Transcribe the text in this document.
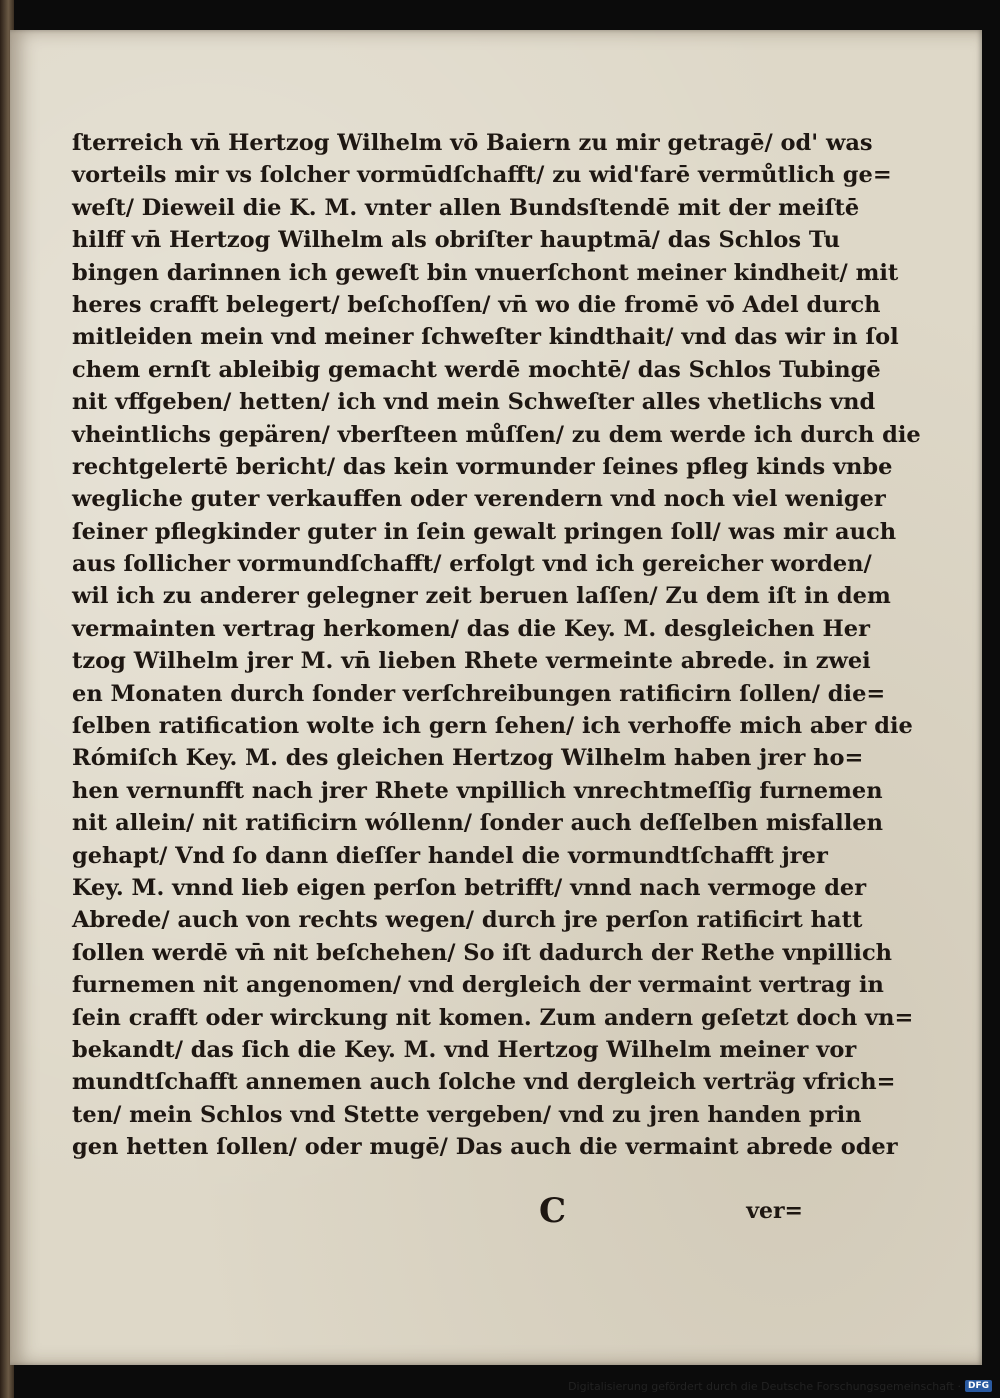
ſterreich vn̄ Hertzog Wilhelm vō Baiern zu mir getragē/ od' was
vorteils mir vs ſolcher vormūdſchafft/ zu wid'farē vermůtlich ge=
weſt/ Dieweil die K. M. vnter allen Bundsſtendē mit der meiſtē
hilff vn̄ Hertzog Wilhelm als obriſter hauptmā/ das Schlos Tu
bingen darinnen ich geweſt bin vnuerſchont meiner kindheit/ mit
heres crafft belegert/ beſchoſſen/ vn̄ wo die fromē vō Adel durch
mitleiden mein vnd meiner ſchweſter kindthait/ vnd das wir in ſol
chem ernſt ableibig gemacht werdē mochtē/ das Schlos Tubingē
nit vffgeben/ hetten/ ich vnd mein Schweſter alles vhetlichs vnd
vheintlichs gepären/ vberſteen můſſen/ zu dem werde ich durch die
rechtgelertē bericht/ das kein vormunder ſeines pfleg kinds vnbe
wegliche guter verkauffen oder verendern vnd noch viel weniger
ſeiner pflegkinder guter in ſein gewalt pringen ſoll/ was mir auch
aus ſollicher vormundſchafft/ erfolgt vnd ich gereicher worden/
wil ich zu anderer gelegner zeit beruen laſſen/ Zu dem iſt in dem
vermainten vertrag herkomen/ das die Key. M. desgleichen Her
tzog Wilhelm jrer M. vn̄ lieben Rhete vermeinte abrede. in zwei
en Monaten durch ſonder verſchreibungen ratificirn ſollen/ die=
ſelben ratification wolte ich gern ſehen/ ich verhoffe mich aber die
Rómiſch Key. M. des gleichen Hertzog Wilhelm haben jrer ho=
hen vernunfft nach jrer Rhete vnpillich vnrechtmeſſig furnemen
nit allein/ nit ratificirn wóllenn/ ſonder auch deſſelben misfallen
gehapt/ Vnd ſo dann dieſſer handel die vormundtſchafft jrer
Key. M. vnnd lieb eigen perſon betrifft/ vnnd nach vermoge der
Abrede/ auch von rechts wegen/ durch jre perſon ratificirt hatt
ſollen werdē vn̄ nit beſchehen/ So iſt dadurch der Rethe vnpillich
furnemen nit angenomen/ vnd dergleich der vermaint vertrag in
ſein crafft oder wirckung nit komen. Zum andern geſetzt doch vn=
bekandt/ das ſich die Key. M. vnd Hertzog Wilhelm meiner vor
mundtſchafft annemen auch ſolche vnd dergleich verträg vfrich=
ten/ mein Schlos vnd Stette vergeben/ vnd zu jren handen prin
gen hetten ſollen/ oder mugē/ Das auch die vermaint abrede oder
C	ver=
Digitalisierung gefördert durch die Deutsche Forschungsgemeinschaft · DFG
